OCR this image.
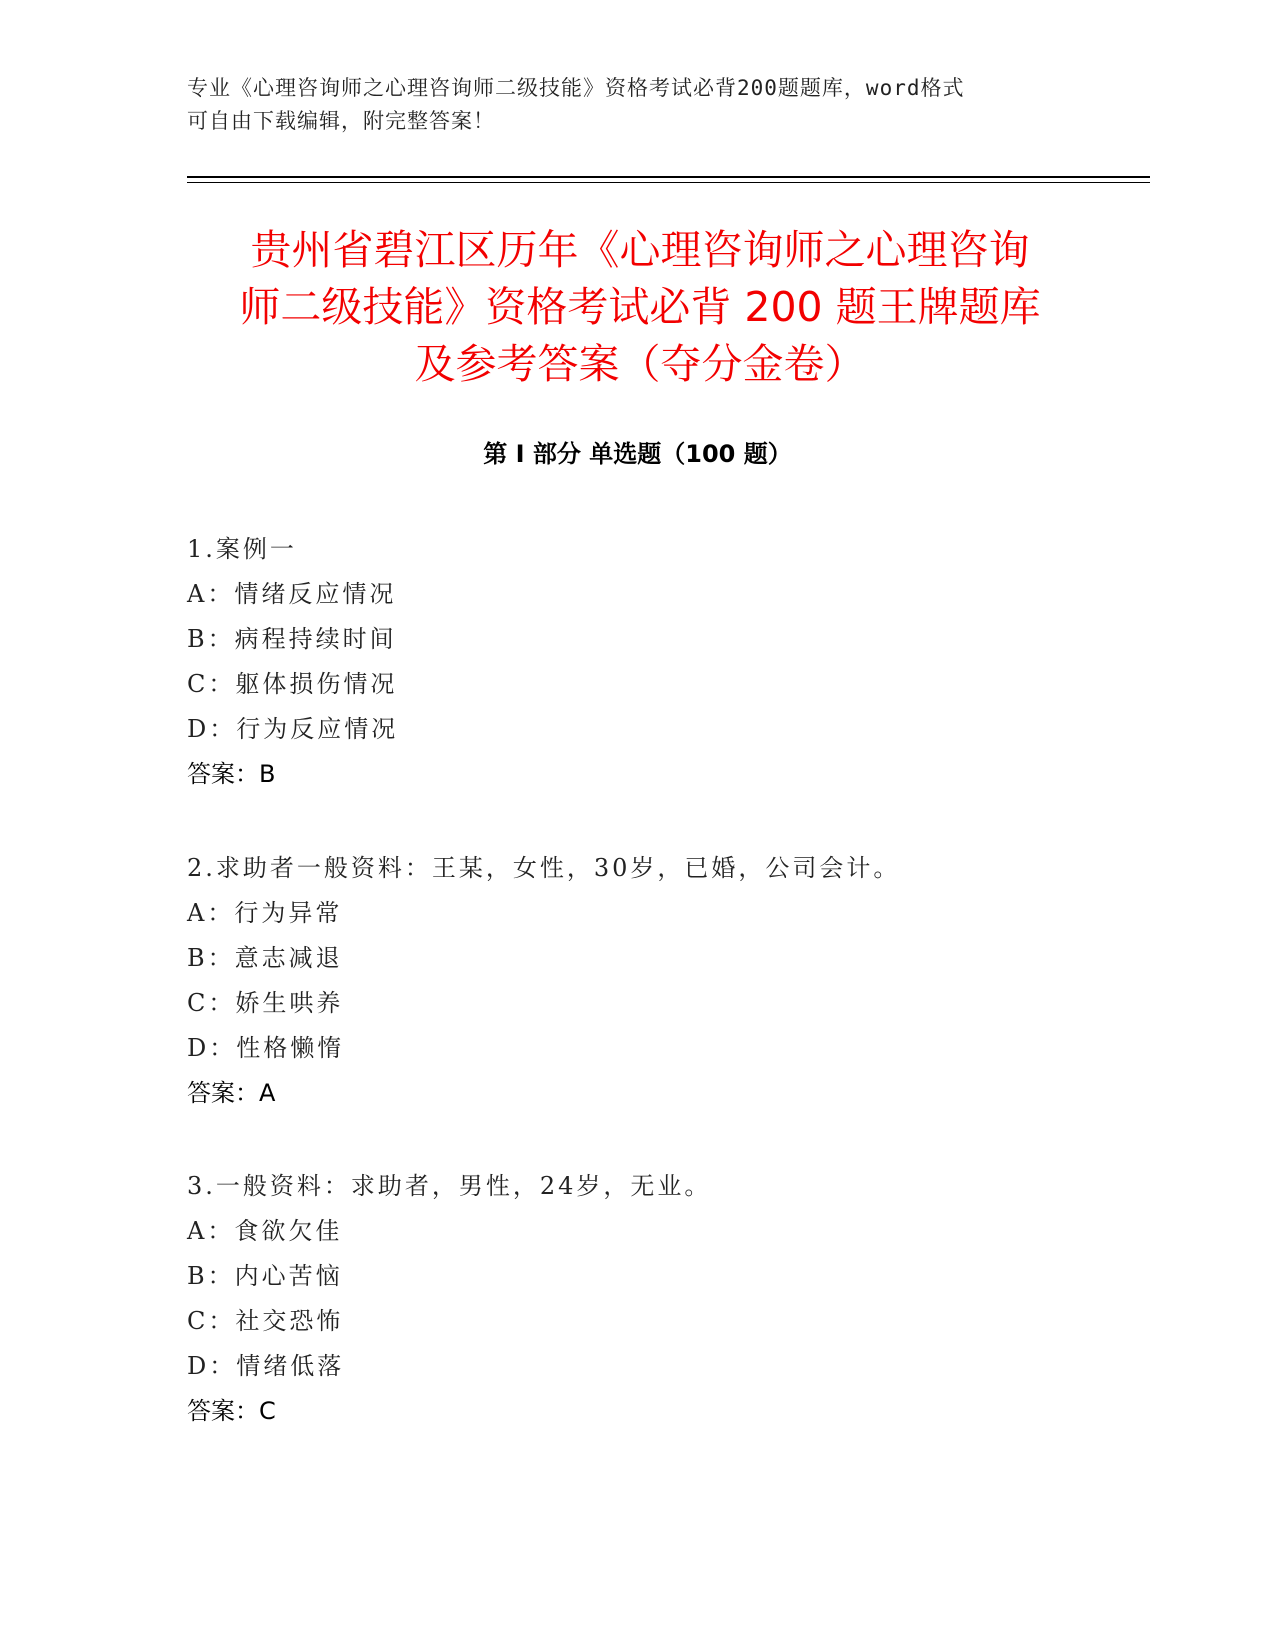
专业《心理咨询师之心理咨询师二级技能》资格考试必背200题题库，word格式
可自由下载编辑，附完整答案！
贵州省碧江区历年《心理咨询师之心理咨询
师二级技能》资格考试必背 200 题王牌题库
及参考答案（夺分金卷）
第 I 部分 单选题（100 题）
1.案例一
A：情绪反应情况
B：病程持续时间
C：躯体损伤情况
D：行为反应情况
答案：B
2.求助者一般资料：王某，女性，30岁，已婚，公司会计。
A：行为异常
B：意志减退
C：娇生哄养
D：性格懒惰
答案：A
3.一般资料：求助者，男性，24岁，无业。
A：食欲欠佳
B：内心苦恼
C：社交恐怖
D：情绪低落
答案：C
